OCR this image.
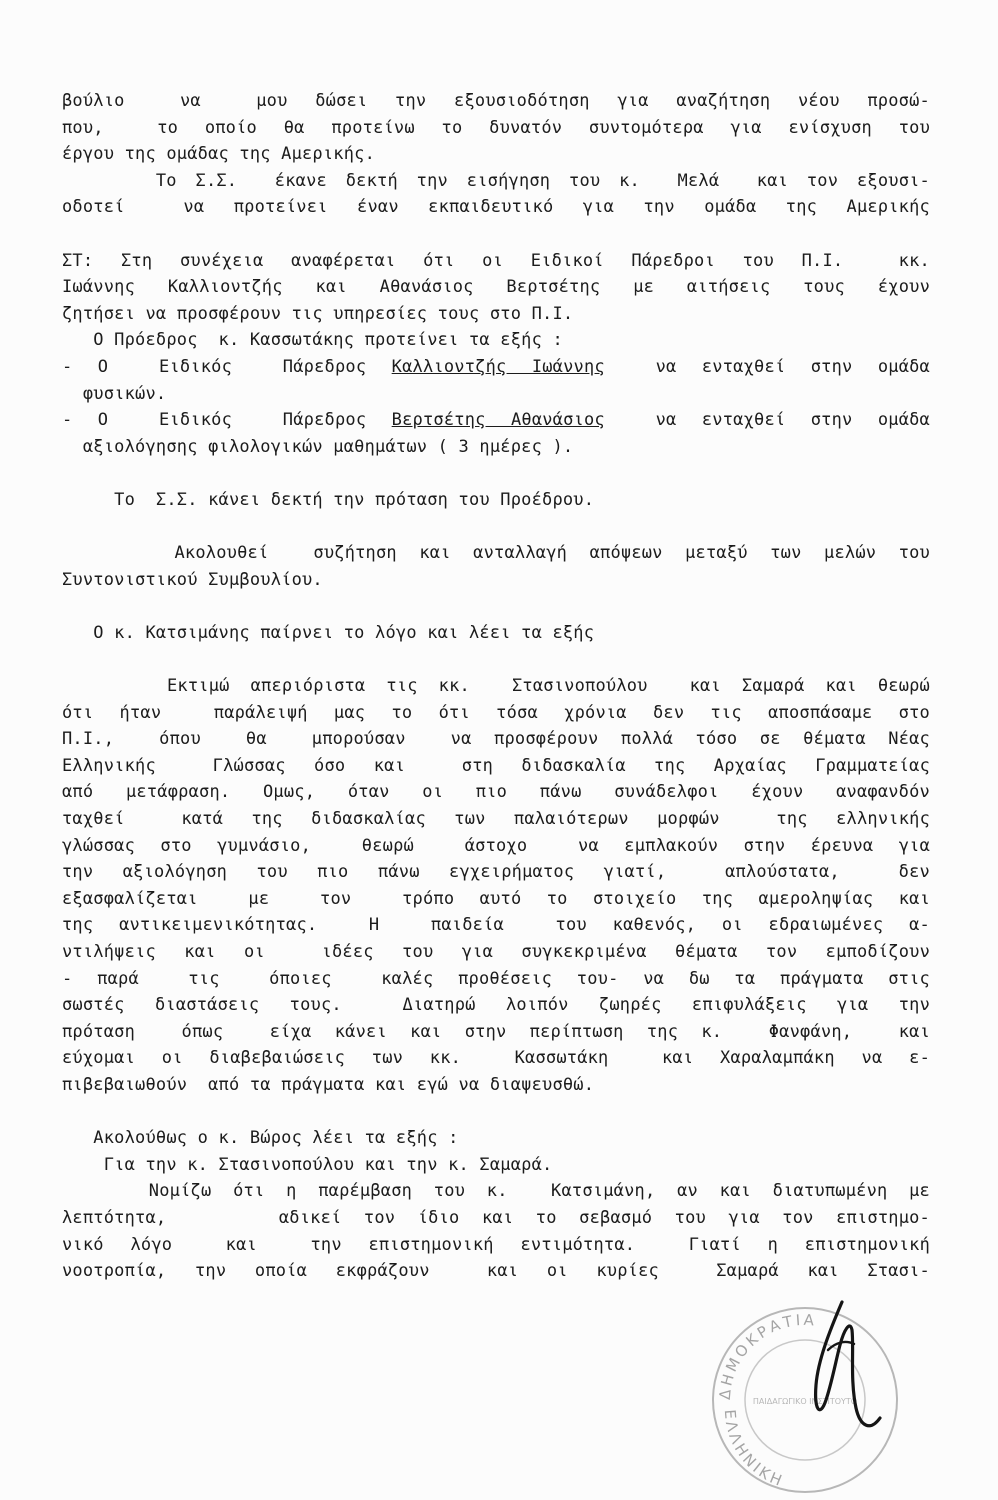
βούλιο  να  μου δώσει την εξουσιοδότηση για αναζήτηση νέου προσώ-
που,  το οποίο θα προτείνω το δυνατόν συντομότερα για ενίσχυση του
έργου της ομάδας της Αμερικής.
Το Σ.Σ.  έκανε δεκτή την εισήγηση του κ.  Μελά  και τον εξουσι-
οδοτεί  να προτείνει έναν εκπαιδευτικό για την ομάδα της Αμερικής
ΣΤ: Στη συνέχεια αναφέρεται ότι οι Ειδικοί Πάρεδροι του Π.Ι.  κκ.
Ιωάννης Καλλιοντζής και Αθανάσιος Βερτσέτης με αιτήσεις τους έχουν
ζητήσει να προσφέρουν τις υπηρεσίες τους στο Π.Ι.
Ο Πρόεδρος  κ. Κασσωτάκης προτείνει τα εξής :
- Ο  Ειδικός  Πάρεδρος Καλλιοντζής Ιωάννης  να ενταχθεί στην ομάδα
φυσικών.
- Ο  Ειδικός  Πάρεδρος Βερτσέτης Αθανάσιος  να ενταχθεί στην ομάδα
αξιολόγησης φιλολογικών μαθημάτων ( 3 ημέρες ).
Το  Σ.Σ. κάνει δεκτή την πρόταση του Προέδρου.
Ακολουθεί  συζήτηση και ανταλλαγή απόψεων μεταξύ των μελών του
Συντονιστικού Συμβουλίου.
Ο κ. Κατσιμάνης παίρνει το λόγο και λέει τα εξής
Εκτιμώ απεριόριστα τις κκ.  Στασινοπούλου  και Σαμαρά και θεωρώ
ότι ήταν  παράλειψή μας το ότι τόσα χρόνια δεν τις αποσπάσαμε στο
Π.Ι.,  όπου  θα  μπορούσαν  να προσφέρουν πολλά τόσο σε θέματα Νέας
Ελληνικής  Γλώσσας όσο και  στη διδασκαλία της Αρχαίας Γραμματείας
από μετάφραση. Ομως, όταν οι πιο πάνω συνάδελφοι έχουν αναφανδόν
ταχθεί  κατά της διδασκαλίας των παλαιότερων μορφών  της ελληνικής
γλώσσας στο γυμνάσιο,  θεωρώ  άστοχο  να εμπλακούν στην έρευνα για
την αξιολόγηση του πιο πάνω εγχειρήματος γιατί,  απλούστατα,  δεν
εξασφαλίζεται  με  τον  τρόπο αυτό το στοιχείο της αμεροληψίας και
της αντικειμενικότητας.  Η  παιδεία  του καθενός, οι εδραιωμένες α-
ντιλήψεις και οι  ιδέες του για συγκεκριμένα θέματα τον εμποδίζουν
- παρά  τις  όποιες  καλές προθέσεις του- να δω τα πράγματα στις
σωστές διαστάσεις τους.  Διατηρώ λοιπόν ζωηρές επιφυλάξεις για την
πρόταση  όπως  είχα κάνει και στην περίπτωση της κ.  Φανφάνη,  και
εύχομαι οι διαβεβαιώσεις των κκ.  Κασσωτάκη  και Χαραλαμπάκη να ε-
πιβεβαιωθούν  από τα πράγματα και εγώ να διαψευσθώ.
Ακολούθως ο κ. Βώρος λέει τα εξής :
Για την κ. Στασινοπούλου και την κ. Σαμαρά.
Νομίζω ότι η παρέμβαση του κ.  Κατσιμάνη, αν και διατυπωμένη με
λεπτότητα,     αδικεί τον ίδιο και το σεβασμό του για τον επιστημο-
νικό λόγο  και  την επιστημονική εντιμότητα.  Γιατί η επιστημονική
νοοτροπία, την οποία εκφράζουν  και οι κυρίες  Σαμαρά και Στασι-
ΔΗΜΟΚΡΑΤΙΑ
ΕΛΛΗΝΙΚΗ
ΠΑΙΔΑΓΩΓΙΚΟ ΙΝΣΤΙΤΟΥΤΟ
